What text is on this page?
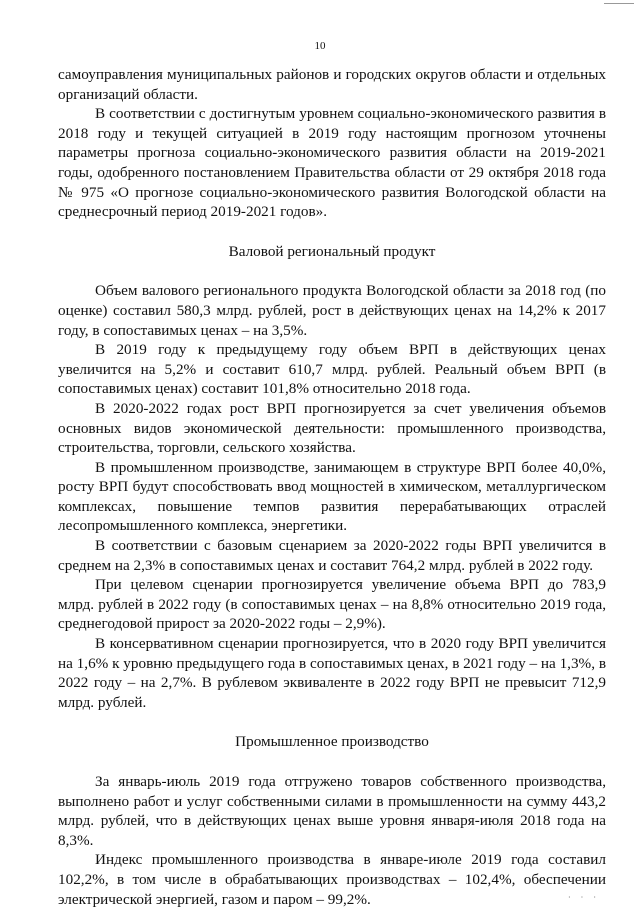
10

самоуправления муниципальных районов и городских округов области и отдельных организаций области.

В соответствии с достигнутым уровнем социально-экономического развития в 2018 году и текущей ситуацией в 2019 году настоящим прогнозом уточнены параметры прогноза социально-экономического развития области на 2019-2021 годы, одобренного постановлением Правительства области от 29 октября 2018 года № 975 «О прогнозе социально-экономического развития Вологодской области на среднесрочный период 2019-2021 годов».

Валовой региональный продукт

Объем валового регионального продукта Вологодской области за 2018 год (по оценке) составил 580,3 млрд. рублей, рост в действующих ценах на 14,2% к 2017 году, в сопоставимых ценах – на 3,5%.

В 2019 году к предыдущему году объем ВРП в действующих ценах увеличится на 5,2% и составит 610,7 млрд. рублей. Реальный объем ВРП (в сопоставимых ценах) составит 101,8% относительно 2018 года.

В 2020-2022 годах рост ВРП прогнозируется за счет увеличения объемов основных видов экономической деятельности: промышленного производства, строительства, торговли, сельского хозяйства.

В промышленном производстве, занимающем в структуре ВРП более 40,0%, росту ВРП будут способствовать ввод мощностей в химическом, металлургическом комплексах, повышение темпов развития перерабатывающих отраслей лесопромышленного комплекса, энергетики.

В соответствии с базовым сценарием за 2020-2022 годы ВРП увеличится в среднем на 2,3% в сопоставимых ценах и составит 764,2 млрд. рублей в 2022 году.

При целевом сценарии прогнозируется увеличение объема ВРП до 783,9 млрд. рублей в 2022 году (в сопоставимых ценах – на 8,8% относительно 2019 года, среднегодовой прирост за 2020-2022 годы – 2,9%).

В консервативном сценарии прогнозируется, что в 2020 году ВРП увеличится на 1,6% к уровню предыдущего года в сопоставимых ценах, в 2021 году – на 1,3%, в 2022 году – на 2,7%. В рублевом эквиваленте в 2022 году ВРП не превысит 712,9 млрд. рублей.

Промышленное производство

За январь-июль 2019 года отгружено товаров собственного производства, выполнено работ и услуг собственными силами в промышленности на сумму 443,2 млрд. рублей, что в действующих ценах выше уровня января-июля 2018 года на 8,3%.

Индекс промышленного производства в январе-июле 2019 года составил 102,2%, в том числе в обрабатывающих производствах – 102,4%, обеспечении электрической энергией, газом и паром – 99,2%.	· · ·
